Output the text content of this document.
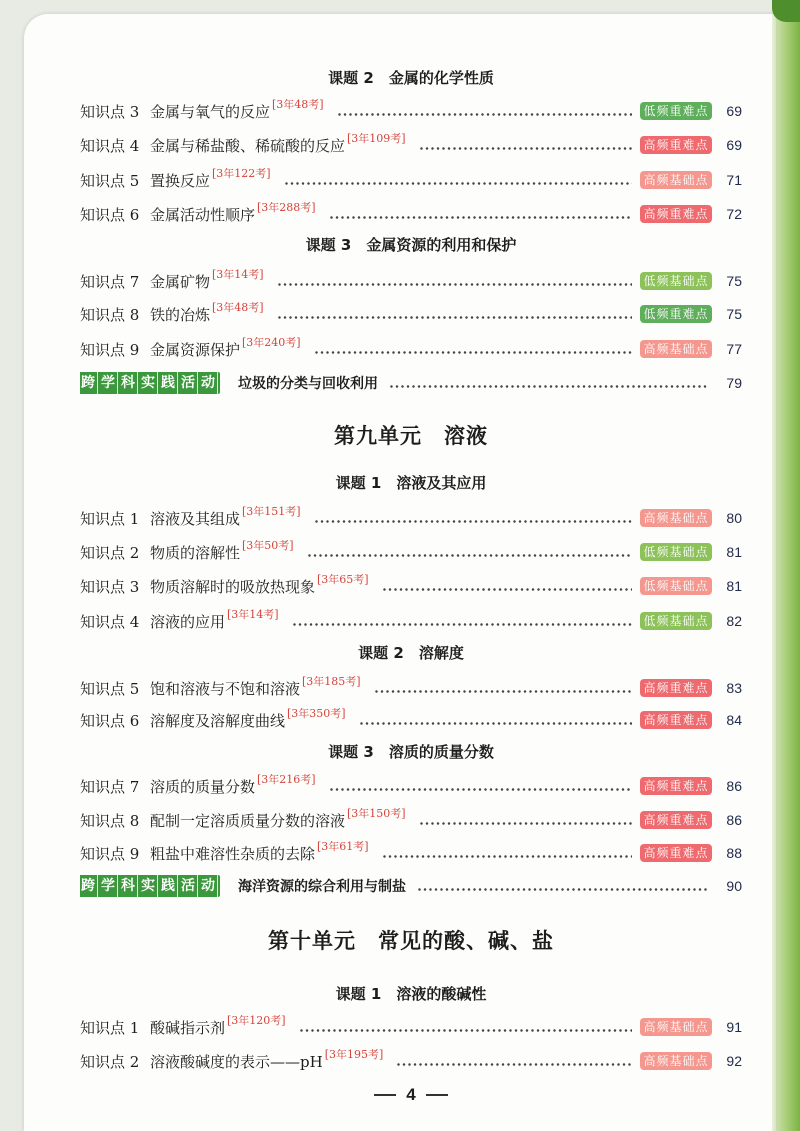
课题 2　金属的化学性质
知识点 3 金属与氧气的反应 [3年48考]	低频重难点	69
知识点 4 金属与稀盐酸、稀硫酸的反应 [3年109考]	高频重难点	69
知识点 5 置换反应 [3年122考]	高频基础点	71
知识点 6 金属活动性顺序 [3年288考]	高频重难点	72
课题 3　金属资源的利用和保护
知识点 7 金属矿物 [3年14考]	低频基础点	75
知识点 8 铁的冶炼 [3年48考]	低频重难点	75
知识点 9 金属资源保护 [3年240考]	高频基础点	77
跨学科实践活动 垃圾的分类与回收利用	79
第九单元　溶液
课题 1　溶液及其应用
知识点 1 溶液及其组成 [3年151考]	高频基础点	80
知识点 2 物质的溶解性 [3年50考]	低频基础点	81
知识点 3 物质溶解时的吸放热现象 [3年65考]	低频基础点	81
知识点 4 溶液的应用 [3年14考]	低频基础点	82
课题 2　溶解度
知识点 5 饱和溶液与不饱和溶液 [3年185考]	高频重难点	83
知识点 6 溶解度及溶解度曲线 [3年350考]	高频重难点	84
课题 3　溶质的质量分数
知识点 7 溶质的质量分数 [3年216考]	高频重难点	86
知识点 8 配制一定溶质质量分数的溶液 [3年150考]	高频重难点	86
知识点 9 粗盐中难溶性杂质的去除 [3年61考]	高频重难点	88
跨学科实践活动 海洋资源的综合利用与制盐	90
第十单元　常见的酸、碱、盐
课题 1　溶液的酸碱性
知识点 1 酸碱指示剂 [3年120考]	高频基础点	91
知识点 2 溶液酸碱度的表示——pH [3年195考]	高频基础点	92
4
